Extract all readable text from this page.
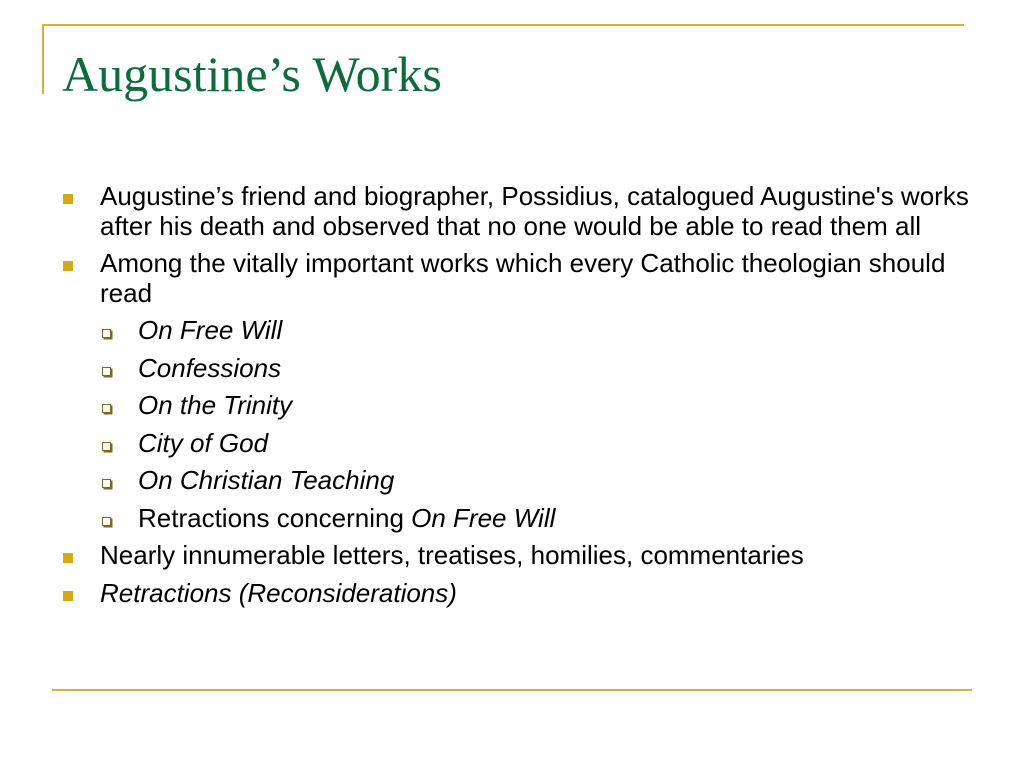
Augustine’s Works
Augustine’s friend and biographer, Possidius, catalogued Augustine's works after his death and observed that no one would be able to read them all
Among the vitally important works which every Catholic theologian should read
On Free Will
Confessions
On the Trinity
City of God
On Christian Teaching
Retractions concerning On Free Will
Nearly innumerable letters, treatises, homilies, commentaries
Retractions (Reconsiderations)
